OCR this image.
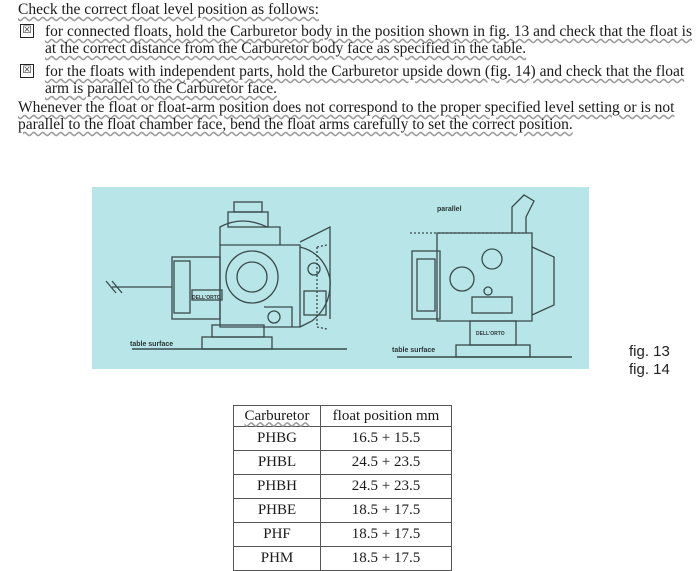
Check the correct float level position as follows:
☒ for connected floats, hold the Carburetor body in the position shown in fig. 13 and check that the float is at the correct distance from the Carburetor body face as specified in the table.
☒ for the floats with independent parts, hold the Carburetor upside down (fig. 14) and check that the float arm is parallel to the Carburetor face.
Whenever the float or float-arm position does not correspond to the proper specified level setting or is not parallel to the float chamber face, bend the float arms carefully to set the correct position.
table surface
table surface
parallel
DELL'ORTO
DELL'ORTO
fig. 13
fig. 14
Carburetor	float position mm
PHBG	16.5 + 15.5
PHBL	24.5 + 23.5
PHBH	24.5 + 23.5
PHBE	18.5 + 17.5
PHF	18.5 + 17.5
PHM	18.5 + 17.5
